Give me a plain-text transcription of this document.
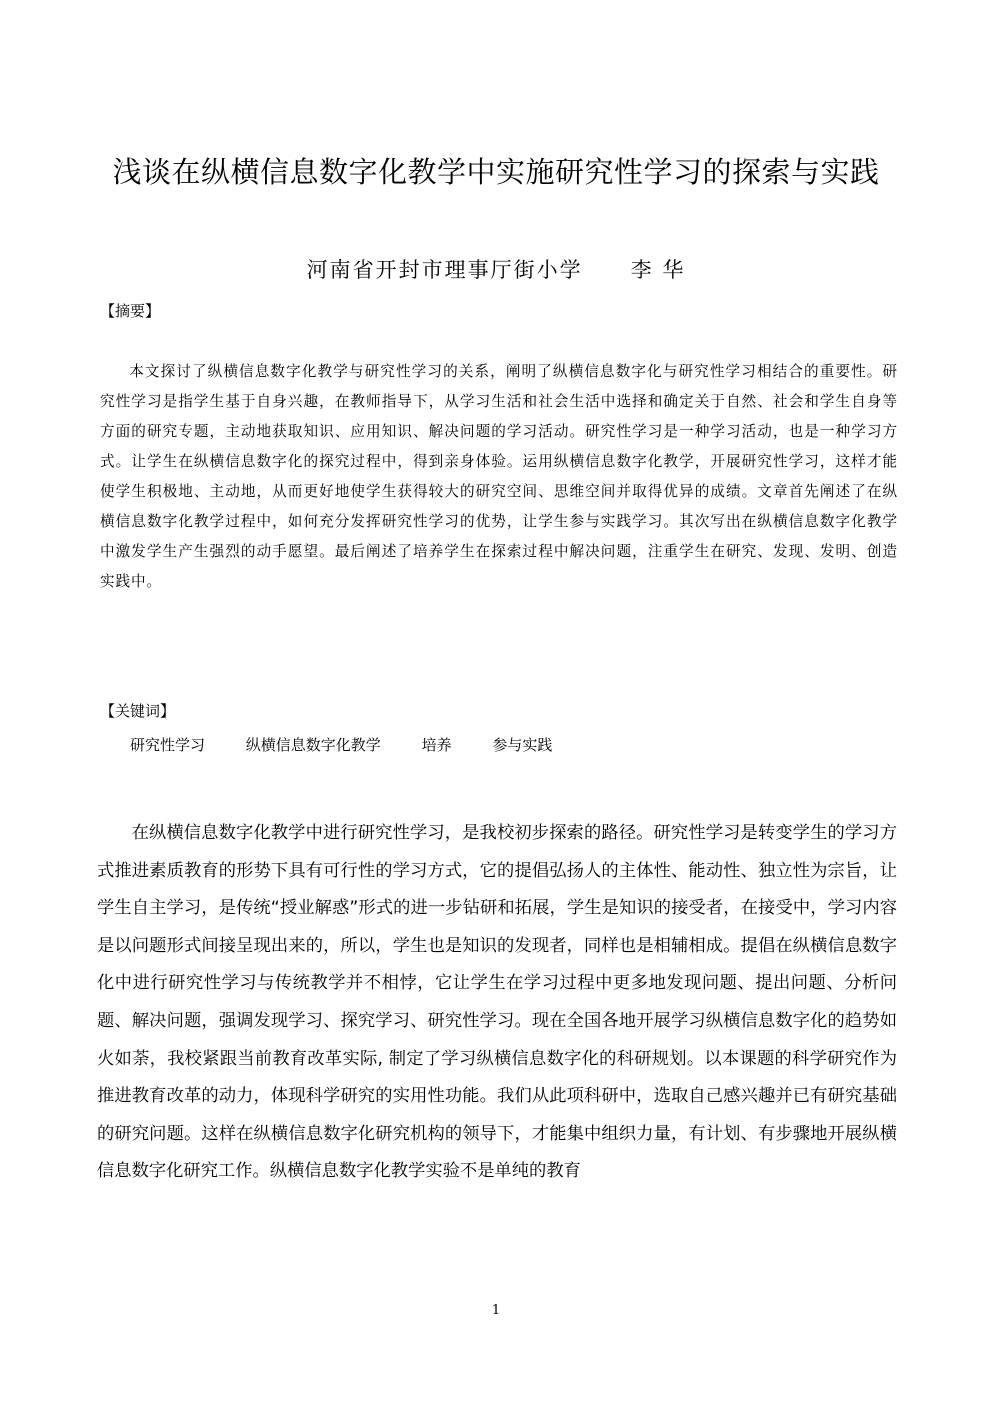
浅谈在纵横信息数字化教学中实施研究性学习的探索与实践
河南省开封市理事厅街小学 李 华
【摘要】

本文探讨了纵横信息数字化教学与研究性学习的关系，阐明了纵横信息数字化与研究性学习相结合的重要性。研究性学习是指学生基于自身兴趣，在教师指导下，从学习生活和社会生活中选择和确定关于自然、社会和学生自身等方面的研究专题，主动地获取知识、应用知识、解决问题的学习活动。研究性学习是一种学习活动，也是一种学习方式。让学生在纵横信息数字化的探究过程中，得到亲身体验。运用纵横信息数字化教学，开展研究性学习，这样才能使学生积极地、主动地，从而更好地使学生获得较大的研究空间、思维空间并取得优异的成绩。文章首先阐述了在纵横信息数字化教学过程中，如何充分发挥研究性学习的优势，让学生参与实践学习。其次写出在纵横信息数字化教学中激发学生产生强烈的动手愿望。最后阐述了培养学生在探索过程中解决问题，注重学生在研究、发现、发明、创造实践中。

【关键词】
研究性学习	纵横信息数字化教学	培养	参与实践

在纵横信息数字化教学中进行研究性学习，是我校初步探索的路径。研究性学习是转变学生的学习方式推进素质教育的形势下具有可行性的学习方式，它的提倡弘扬人的主体性、能动性、独立性为宗旨，让学生自主学习，是传统“授业解惑”形式的进一步钻研和拓展，学生是知识的接受者，在接受中，学习内容是以问题形式间接呈现出来的，所以，学生也是知识的发现者，同样也是相辅相成。提倡在纵横信息数字化中进行研究性学习与传统教学并不相悖，它让学生在学习过程中更多地发现问题、提出问题、分析问题、解决问题，强调发现学习、探究学习、研究性学习。现在全国各地开展学习纵横信息数字化的趋势如火如荼，我校紧跟当前教育改革实际, 制定了学习纵横信息数字化的科研规划。以本课题的科学研究作为推进教育改革的动力，体现科学研究的实用性功能。我们从此项科研中，选取自己感兴趣并已有研究基础的研究问题。这样在纵横信息数字化研究机构的领导下，才能集中组织力量，有计划、有步骤地开展纵横信息数字化研究工作。纵横信息数字化教学实验不是单纯的教育

1
